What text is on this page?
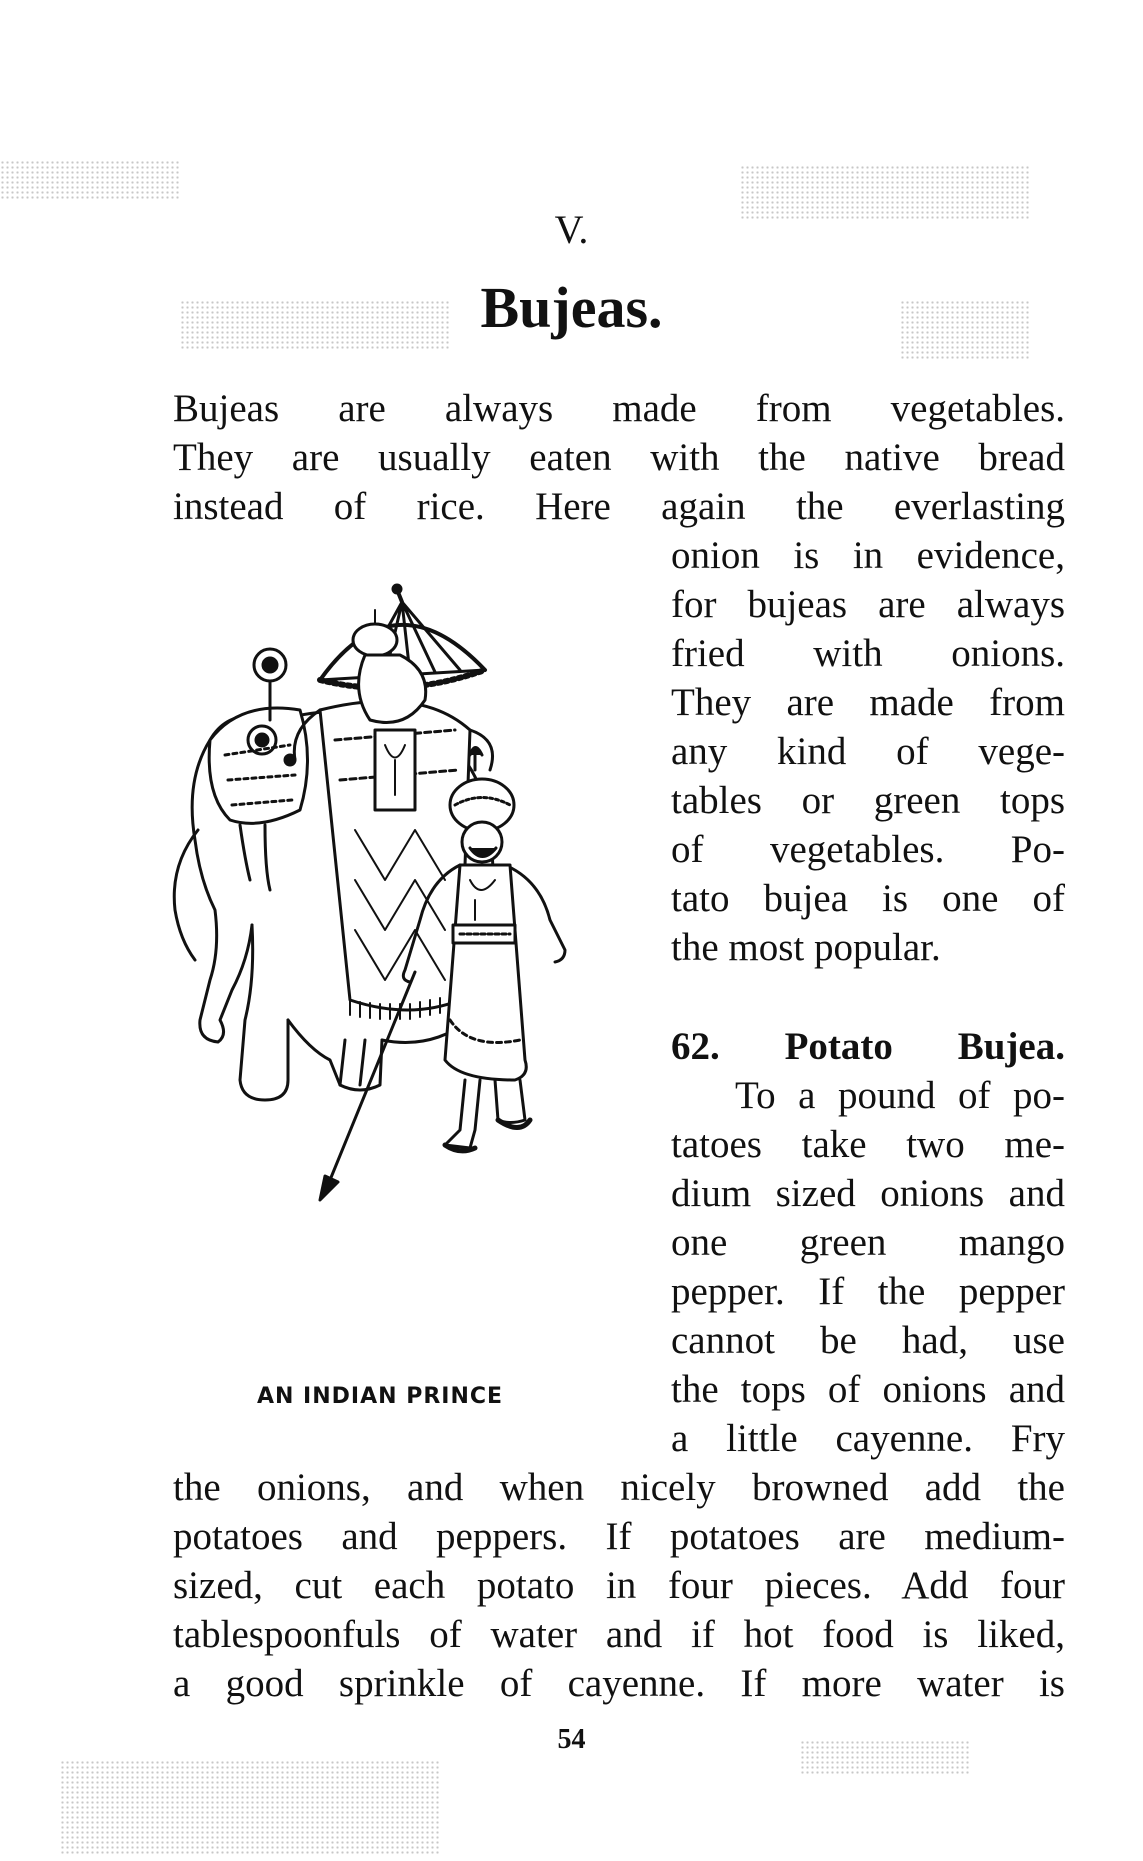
V.
Bujeas.
Bujeas are always made from vegetables.
They are usually eaten with the native bread
instead of rice. Here again the everlasting
onion is in evidence,
for bujeas are always
fried with onions.
They are made from
any kind of vege-
tables or green tops
of vegetables. Po-
tato bujea is one of
the most popular.
62. Potato Bujea.
To a pound of po-
tatoes take two me-
dium sized onions and
one green mango
pepper. If the pepper
cannot be had, use
the tops of onions and
a little cayenne. Fry
the onions, and when nicely browned add the
potatoes and peppers. If potatoes are medium-
sized, cut each potato in four pieces. Add four
tablespoonfuls of water and if hot food is liked,
a good sprinkle of cayenne. If more water is
AN INDIAN PRINCE
54
